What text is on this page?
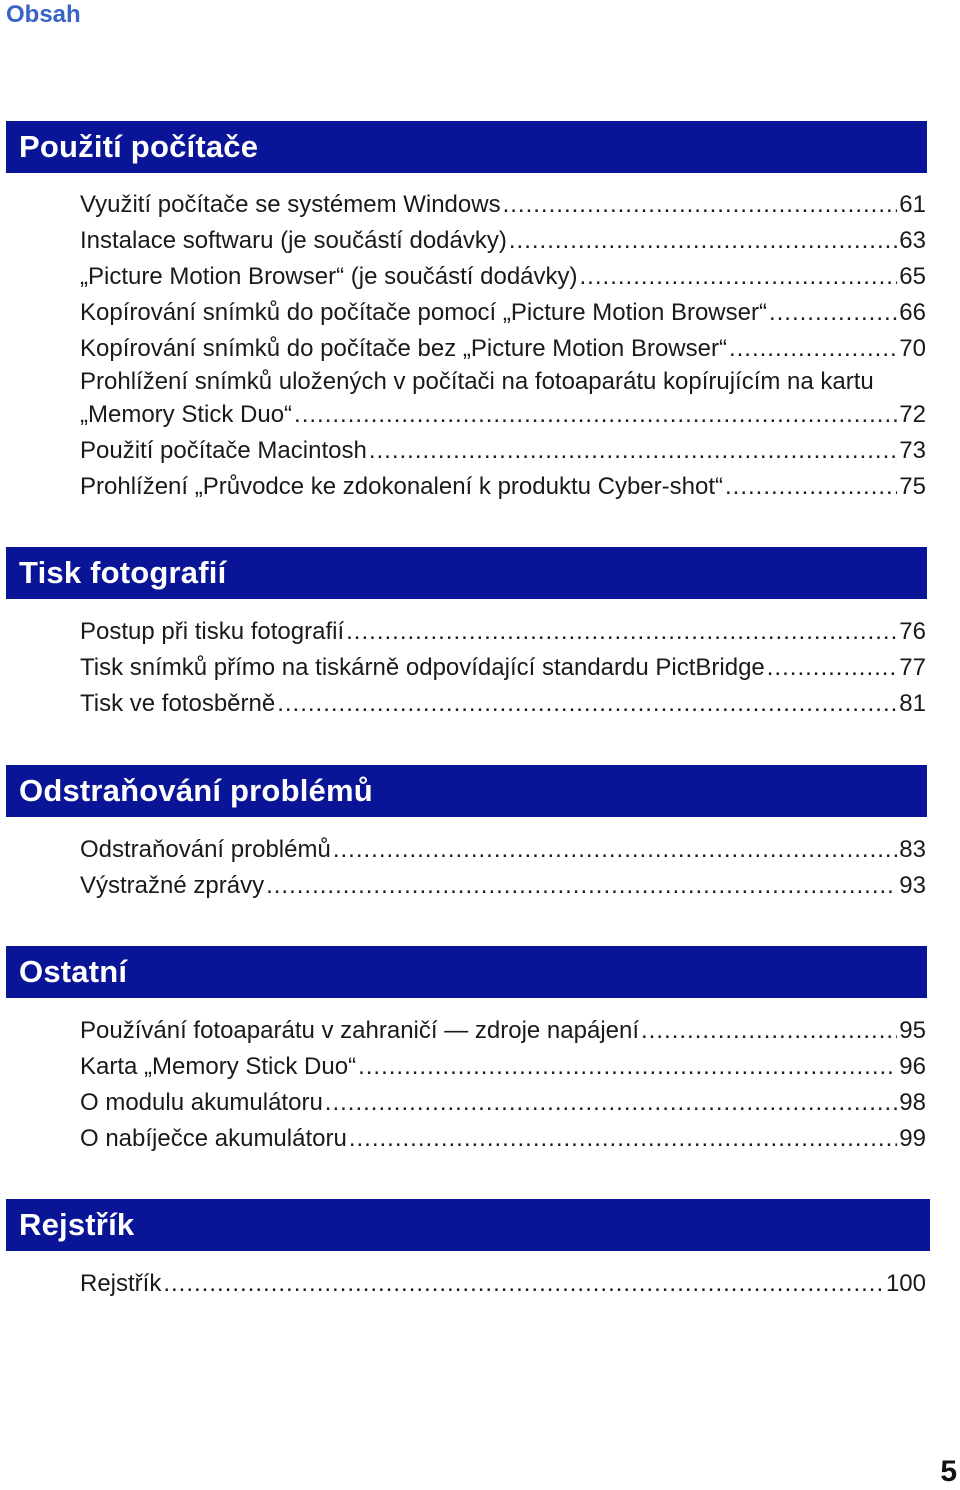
Obsah
Použití počítače
Využití počítače se systémem Windows .....	61
Instalace softwaru (je součástí dodávky) .....	63
„Picture Motion Browser“ (je součástí dodávky) .....	65
Kopírování snímků do počítače pomocí „Picture Motion Browser“ .....	66
Kopírování snímků do počítače bez „Picture Motion Browser“ .....	70
Prohlížení snímků uložených v počítači na fotoaparátu kopírujícím na kartu
„Memory Stick Duo“ .....	72
Použití počítače Macintosh .....	73
Prohlížení „Průvodce ke zdokonalení k produktu Cyber-shot“ .....	75
Tisk fotografií
Postup při tisku fotografií .....	76
Tisk snímků přímo na tiskárně odpovídající standardu PictBridge .....	77
Tisk ve fotosběrně .....	81
Odstraňování problémů
Odstraňování problémů .....	83
Výstražné zprávy .....	93
Ostatní
Používání fotoaparátu v zahraničí — zdroje napájení .....	95
Karta „Memory Stick Duo“ .....	96
O modulu akumulátoru .....	98
O nabíječce akumulátoru .....	99
Rejstřík
Rejstřík .....	100
5
